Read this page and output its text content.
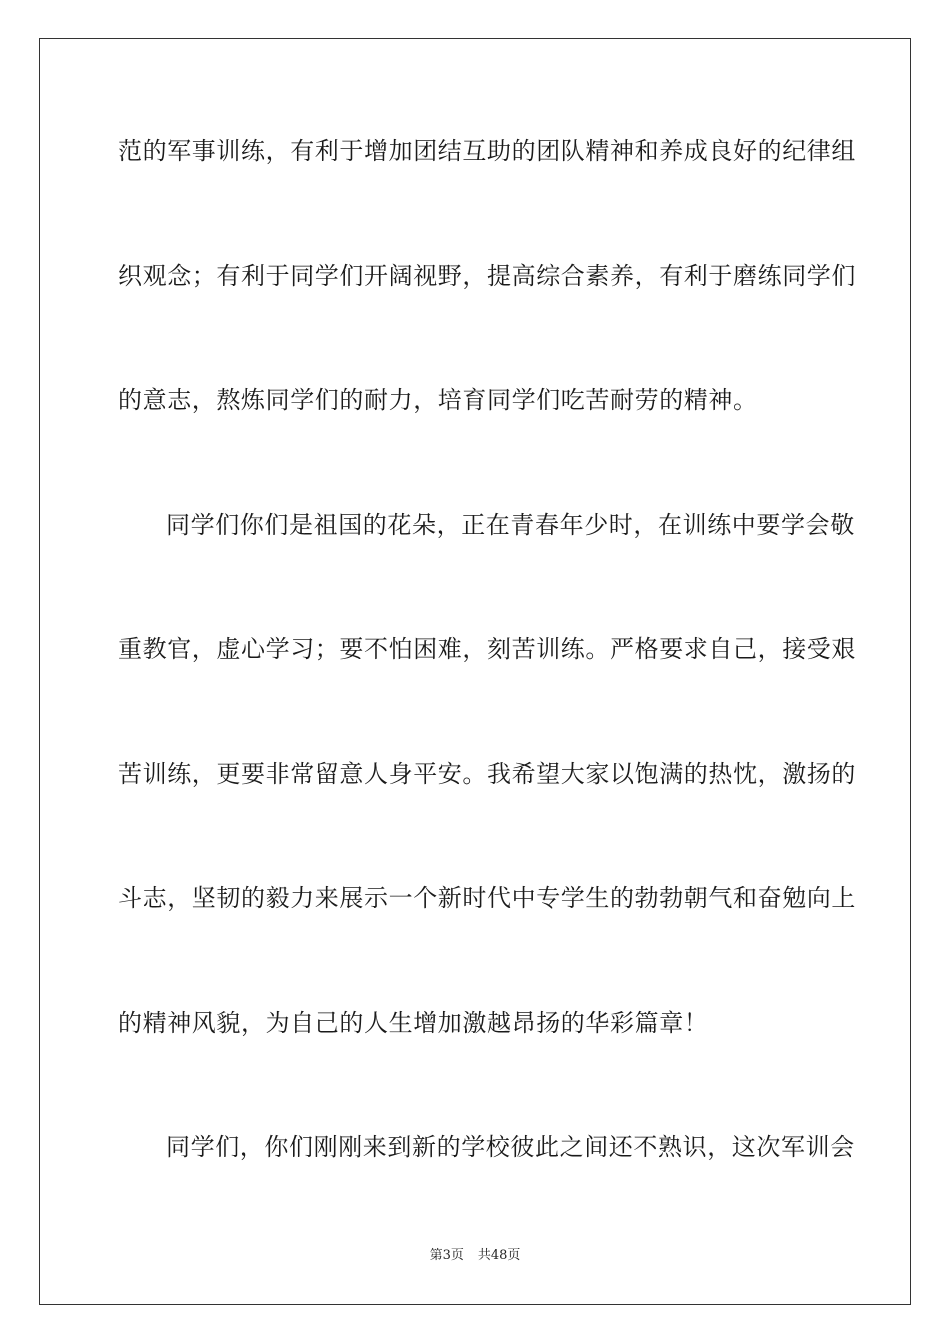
范的军事训练，有利于增加团结互助的团队精神和养成良好的纪律组
织观念；有利于同学们开阔视野，提高综合素养，有利于磨练同学们
的意志，熬炼同学们的耐力，培育同学们吃苦耐劳的精神。
同学们你们是祖国的花朵，正在青春年少时，在训练中要学会敬
重教官，虚心学习；要不怕困难，刻苦训练。严格要求自己，接受艰
苦训练，更要非常留意人身平安。我希望大家以饱满的热忱，激扬的
斗志，坚韧的毅力来展示一个新时代中专学生的勃勃朝气和奋勉向上
的精神风貌，为自己的人生增加激越昂扬的华彩篇章！
同学们，你们刚刚来到新的学校彼此之间还不熟识，这次军训会
第3页 共48页
